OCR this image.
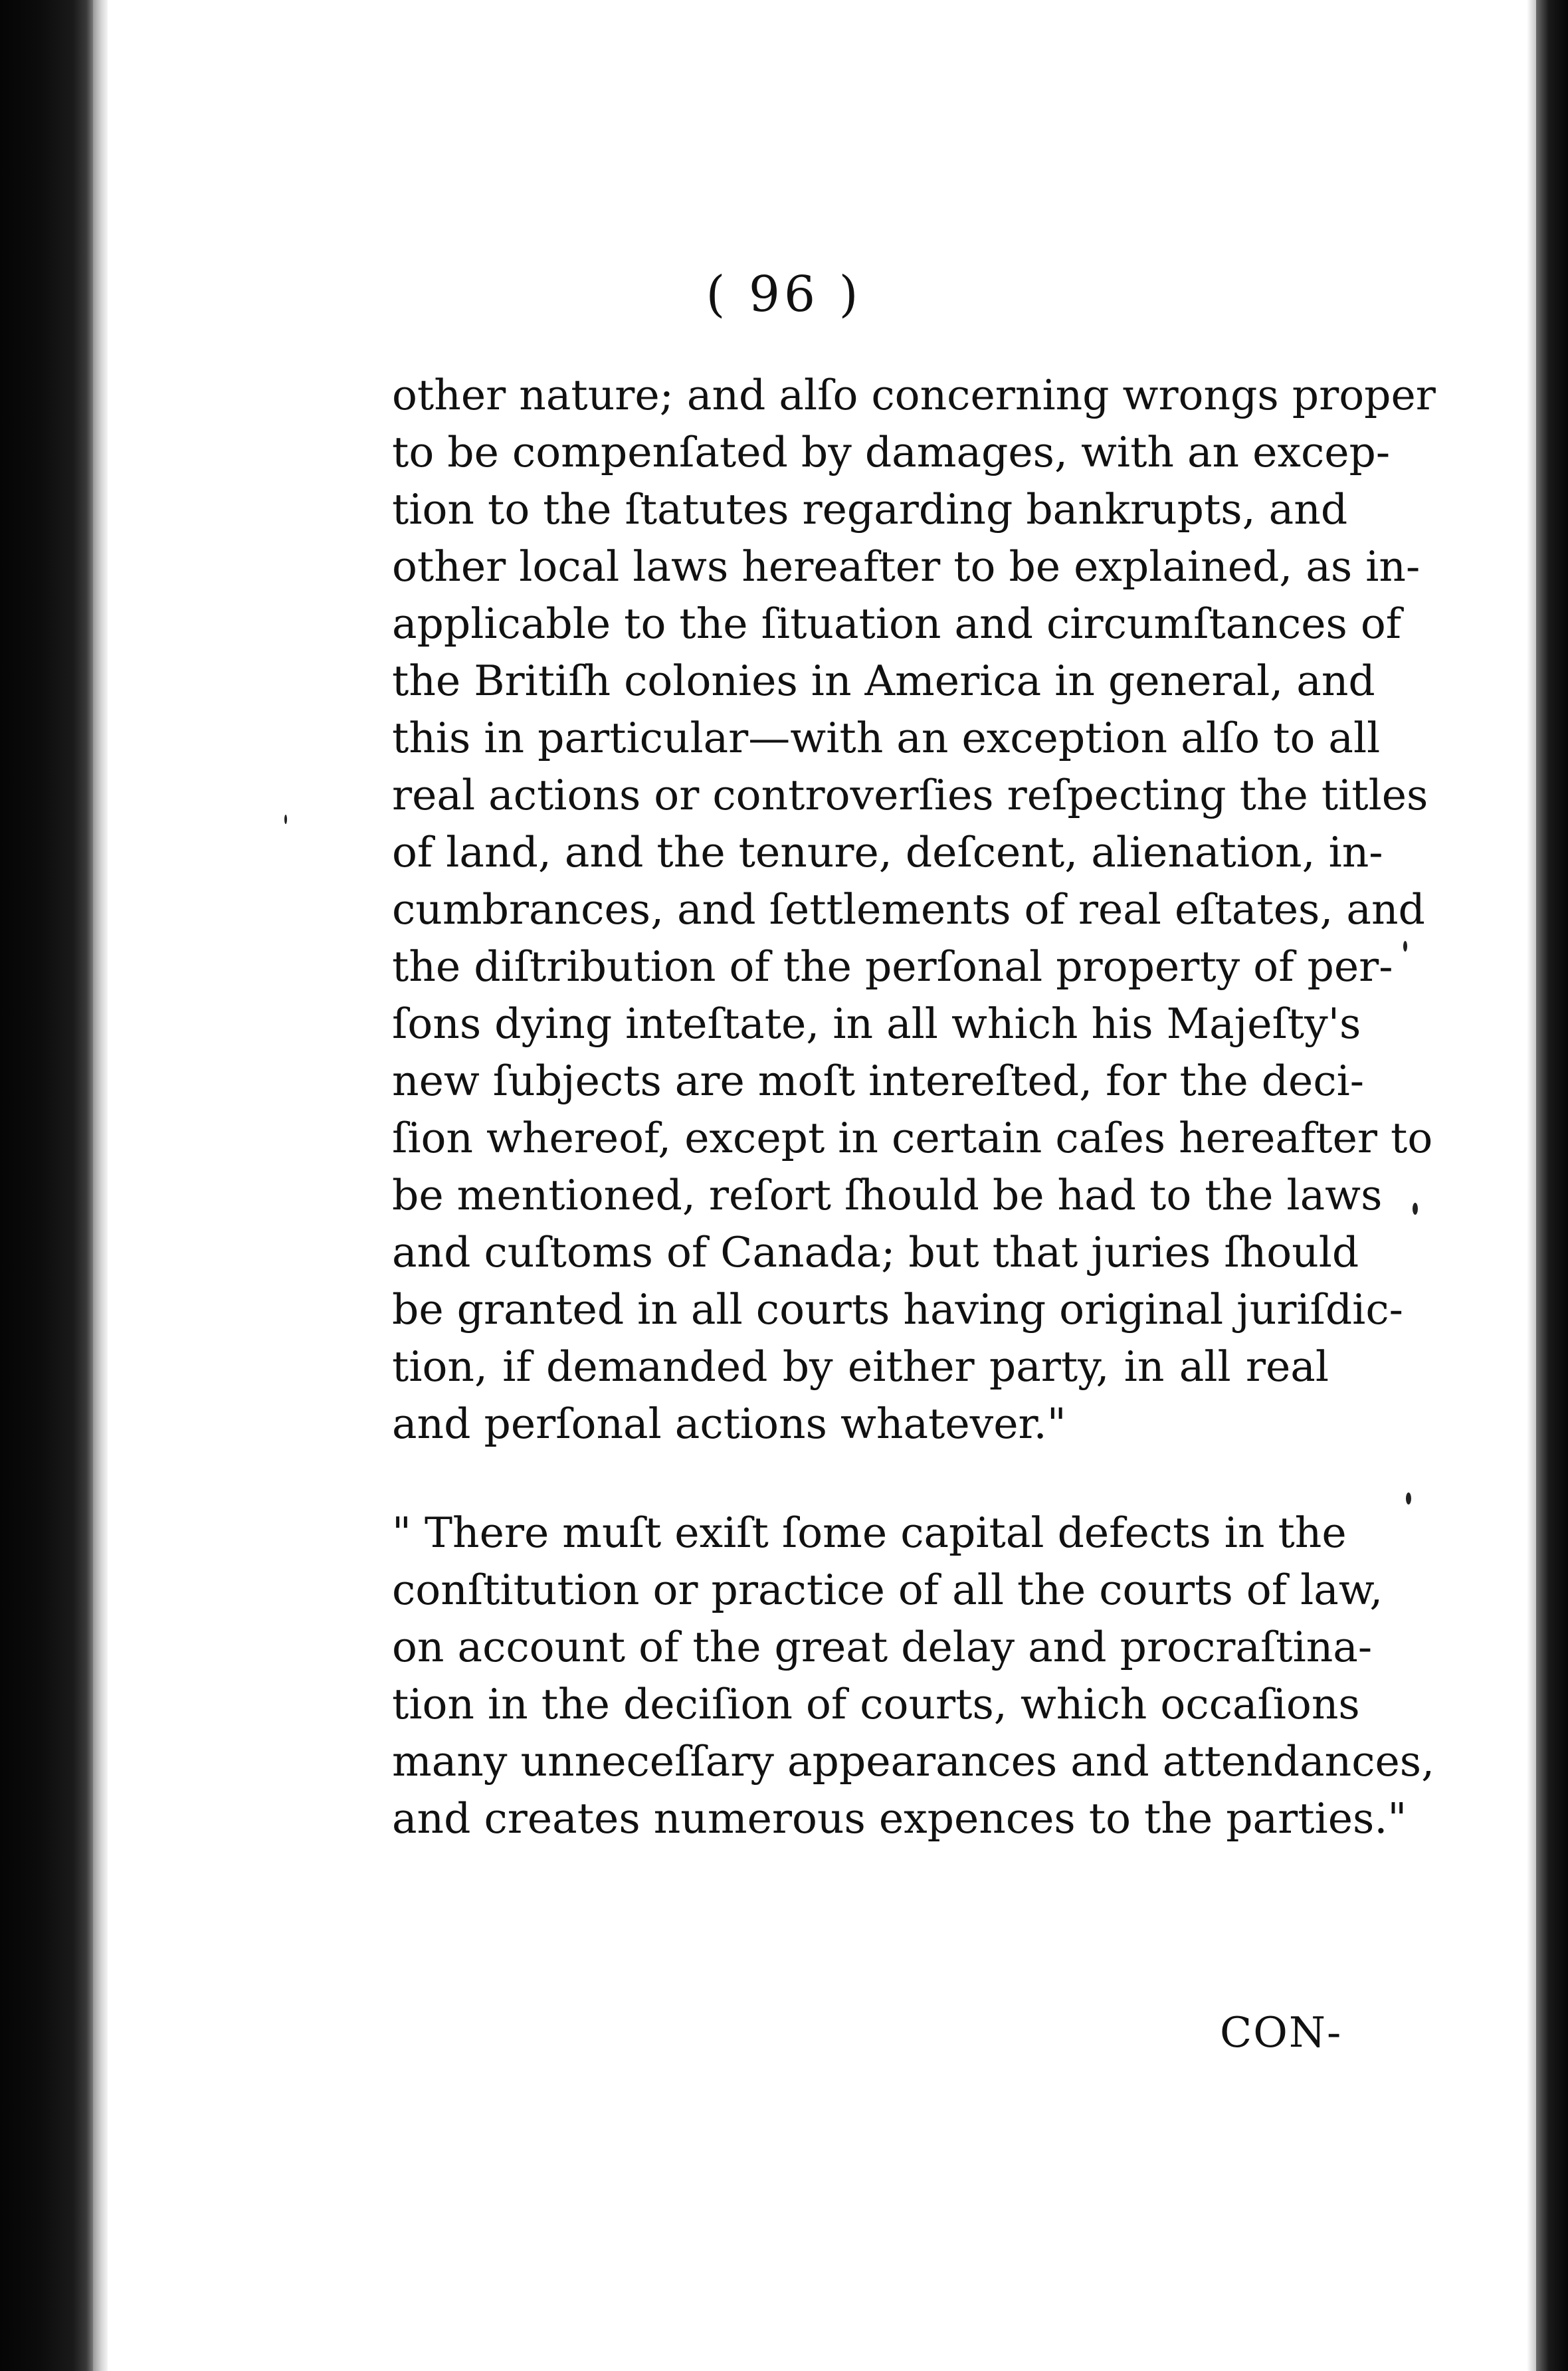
( 96 )
other nature; and alſo concerning wrongs proper
to be compenſated by damages, with an excep-
tion to the ſtatutes regarding bankrupts, and
other local laws hereafter to be explained, as in-
applicable to the ſituation and circumſtances of
the Britiſh colonies in America in general, and
this in particular—with an exception alſo to all
real actions or controverſies reſpecting the titles
of land, and the tenure, deſcent, alienation, in-
cumbrances, and ſettlements of real eſtates, and
the diſtribution of the perſonal property of per-
ſons dying inteſtate, in all which his Majeſty's
new ſubjects are moſt intereſted, for the deci-
ſion whereof, except in certain caſes hereafter to
be mentioned, reſort ſhould be had to the laws
and cuſtoms of Canada; but that juries ſhould
be granted in all courts having original juriſdic-
tion, if demanded by either party, in all real
and perſonal actions whatever."
" There muſt exiſt ſome capital defects in the
conſtitution or practice of all the courts of law,
on account of the great delay and procraſtina-
tion in the deciſion of courts, which occaſions
many unneceſſary appearances and attendances,
and creates numerous expences to the parties."
CON-
